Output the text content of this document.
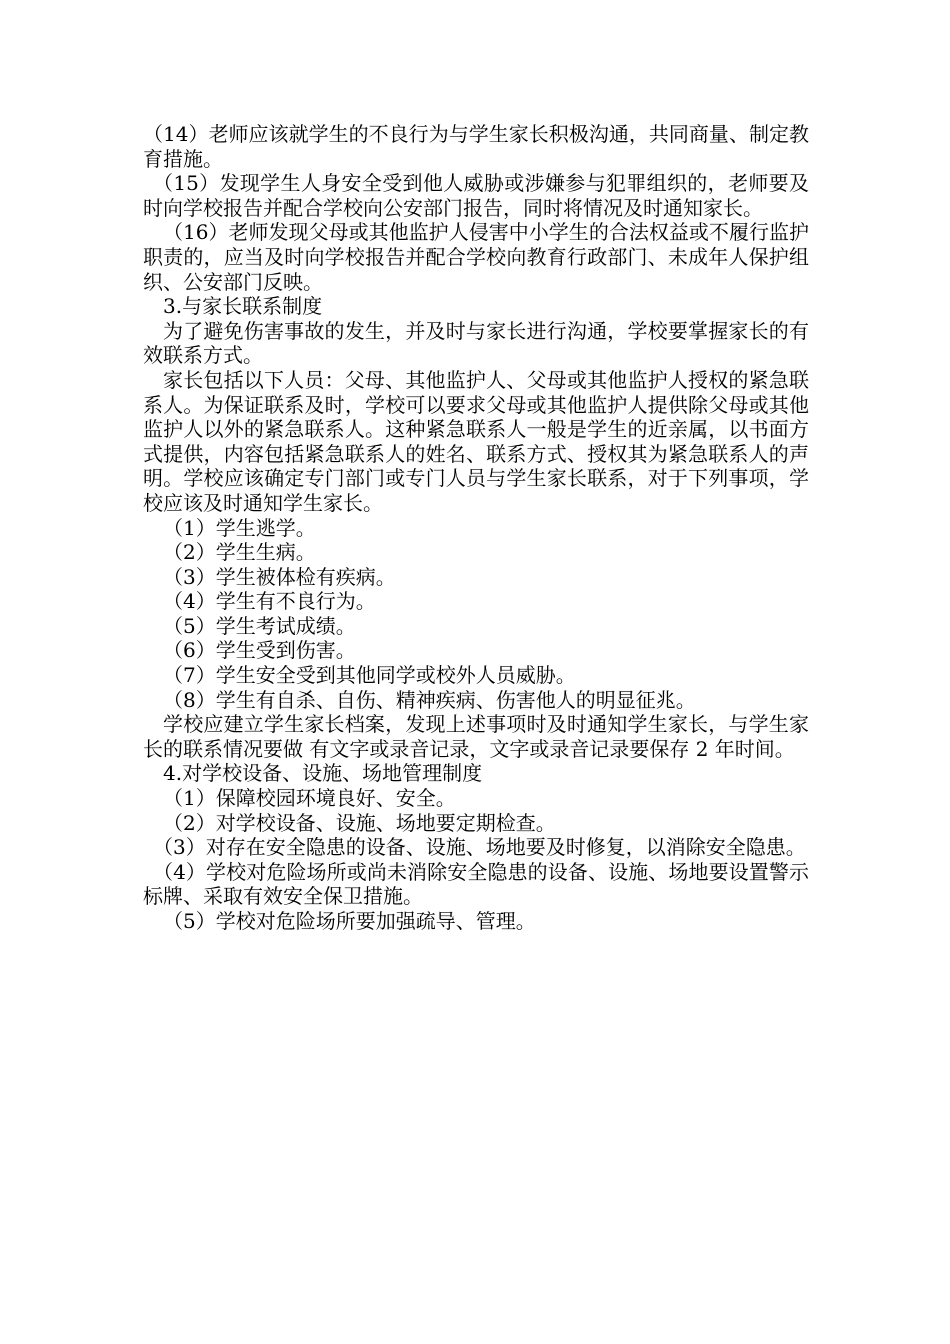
（14）老师应该就学生的不良行为与学生家长积极沟通，共同商量、制定教育措施。

（15）发现学生人身安全受到他人威胁或涉嫌参与犯罪组织的，老师要及时向学校报告并配合学校向公安部门报告，同时将情况及时通知家长。

（16）老师发现父母或其他监护人侵害中小学生的合法权益或不履行监护职责的，应当及时向学校报告并配合学校向教育行政部门、未成年人保护组织、公安部门反映。

3.与家长联系制度

为了避免伤害事故的发生，并及时与家长进行沟通，学校要掌握家长的有效联系方式。

家长包括以下人员：父母、其他监护人、父母或其他监护人授权的紧急联系人。为保证联系及时，学校可以要求父母或其他监护人提供除父母或其他监护人以外的紧急联系人。这种紧急联系人一般是学生的近亲属，以书面方式提供，内容包括紧急联系人的姓名、联系方式、授权其为紧急联系人的声明。学校应该确定专门部门或专门人员与学生家长联系，对于下列事项，学校应该及时通知学生家长。

（1）学生逃学。

（2）学生生病。

（3）学生被体检有疾病。

（4）学生有不良行为。

（5）学生考试成绩。

（6）学生受到伤害。

（7）学生安全受到其他同学或校外人员威胁。

（8）学生有自杀、自伤、精神疾病、伤害他人的明显征兆。

学校应建立学生家长档案，发现上述事项时及时通知学生家长，与学生家长的联系情况要做 有文字或录音记录，文字或录音记录要保存 2 年时间。

4.对学校设备、设施、场地管理制度

（1）保障校园环境良好、安全。

（2）对学校设备、设施、场地要定期检查。

（3）对存在安全隐患的设备、设施、场地要及时修复，以消除安全隐患。

（4）学校对危险场所或尚未消除安全隐患的设备、设施、场地要设置警示标牌、采取有效安全保卫措施。

（5）学校对危险场所要加强疏导、管理。
